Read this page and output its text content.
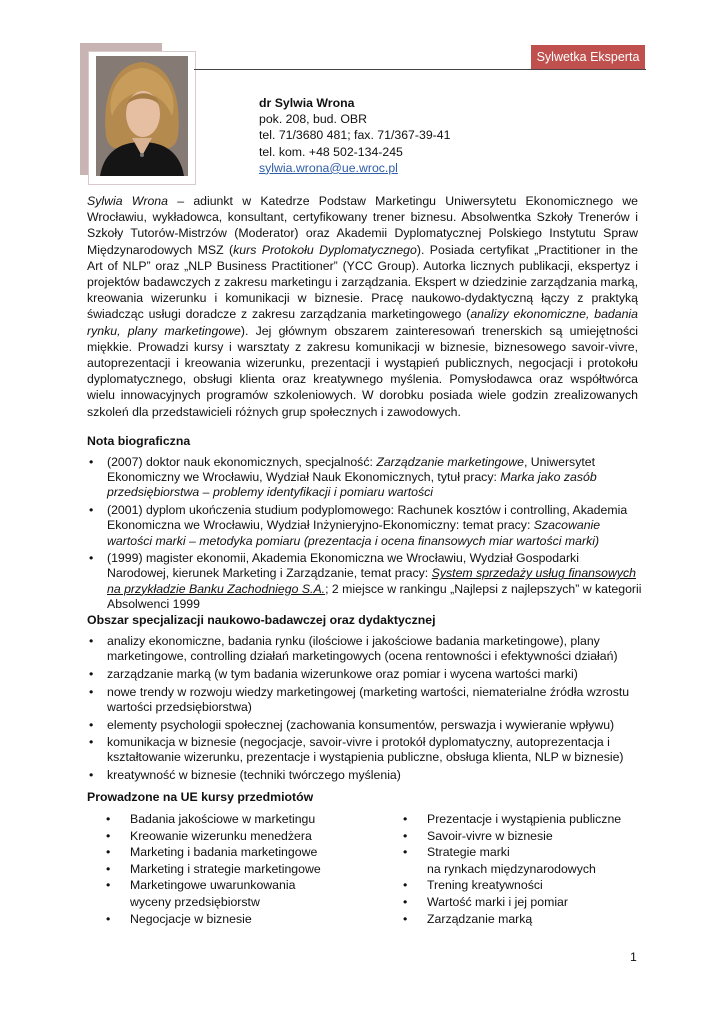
Sylwetka Eksperta
dr Sylwia Wrona
pok. 208, bud. OBR
tel. 71/3680 481; fax. 71/367-39-41
tel. kom. +48 502-134-245
sylwia.wrona@ue.wroc.pl

Sylwia Wrona – adiunkt w Katedrze Podstaw Marketingu Uniwersytetu Ekonomicznego we Wrocławiu, wykładowca, konsultant, certyfikowany trener biznesu. Absolwentka Szkoły Trenerów i Szkoły Tutorów-Mistrzów (Moderator) oraz Akademii Dyplomatycznej Polskiego Instytutu Spraw Międzynarodowych MSZ (kurs Protokołu Dyplomatycznego). Posiada certyfikat „Practitioner in the Art of NLP” oraz „NLP Business Practitioner” (YCC Group). Autorka licznych publikacji, ekspertyz i projektów badawczych z zakresu marketingu i zarządzania. Ekspert w dziedzinie zarządzania marką, kreowania wizerunku i komunikacji w biznesie. Pracę naukowo-dydaktyczną łączy z praktyką świadcząc usługi doradcze z zakresu zarządzania marketingowego (analizy ekonomiczne, badania rynku, plany marketingowe). Jej głównym obszarem zainteresowań trenerskich są umiejętności miękkie. Prowadzi kursy i warsztaty z zakresu komunikacji w biznesie, biznesowego savoir-vivre, autoprezentacji i kreowania wizerunku, prezentacji i wystąpień publicznych, negocjacji i protokołu dyplomatycznego, obsługi klienta oraz kreatywnego myślenia. Pomysłodawca oraz współtwórca wielu innowacyjnych programów szkoleniowych. W dorobku posiada wiele godzin zrealizowanych szkoleń dla przedstawicieli różnych grup społecznych i zawodowych.

Nota biograficzna
• (2007) doktor nauk ekonomicznych, specjalność: Zarządzanie marketingowe, Uniwersytet Ekonomiczny we Wrocławiu, Wydział Nauk Ekonomicznych, tytuł pracy: Marka jako zasób przedsiębiorstwa – problemy identyfikacji i pomiaru wartości
• (2001) dyplom ukończenia studium podyplomowego: Rachunek kosztów i controlling, Akademia Ekonomiczna we Wrocławiu, Wydział Inżynieryjno-Ekonomiczny: temat pracy: Szacowanie wartości marki – metodyka pomiaru (prezentacja i ocena finansowych miar wartości marki)
• (1999) magister ekonomii, Akademia Ekonomiczna we Wrocławiu, Wydział Gospodarki Narodowej, kierunek Marketing i Zarządzanie, temat pracy: System sprzedaży usług finansowych na przykładzie Banku Zachodniego S.A.; 2 miejsce w rankingu „Najlepsi z najlepszych” w kategorii Absolwenci 1999
Obszar specjalizacji naukowo-badawczej oraz dydaktycznej
• analizy ekonomiczne, badania rynku (ilościowe i jakościowe badania marketingowe), plany marketingowe, controlling działań marketingowych (ocena rentowności i efektywności działań)
• zarządzanie marką (w tym badania wizerunkowe oraz pomiar i wycena wartości marki)
• nowe trendy w rozwoju wiedzy marketingowej (marketing wartości, niematerialne źródła wzrostu wartości przedsiębiorstwa)
• elementy psychologii społecznej (zachowania konsumentów, perswazja i wywieranie wpływu)
• komunikacja w biznesie (negocjacje, savoir-vivre i protokół dyplomatyczny, autoprezentacja i kształtowanie wizerunku, prezentacje i wystąpienia publiczne, obsługa klienta, NLP w biznesie)
• kreatywność w biznesie (techniki twórczego myślenia)
Prowadzone na UE kursy przedmiotów
• Badania jakościowe w marketingu
• Kreowanie wizerunku menedżera
• Marketing i badania marketingowe
• Marketing i strategie marketingowe
• Marketingowe uwarunkowania
wyceny przedsiębiorstw
• Negocjacje w biznesie
• Prezentacje i wystąpienia publiczne
• Savoir-vivre w biznesie
• Strategie marki
na rynkach międzynarodowych
• Trening kreatywności
• Wartość marki i jej pomiar
• Zarządzanie marką
1
